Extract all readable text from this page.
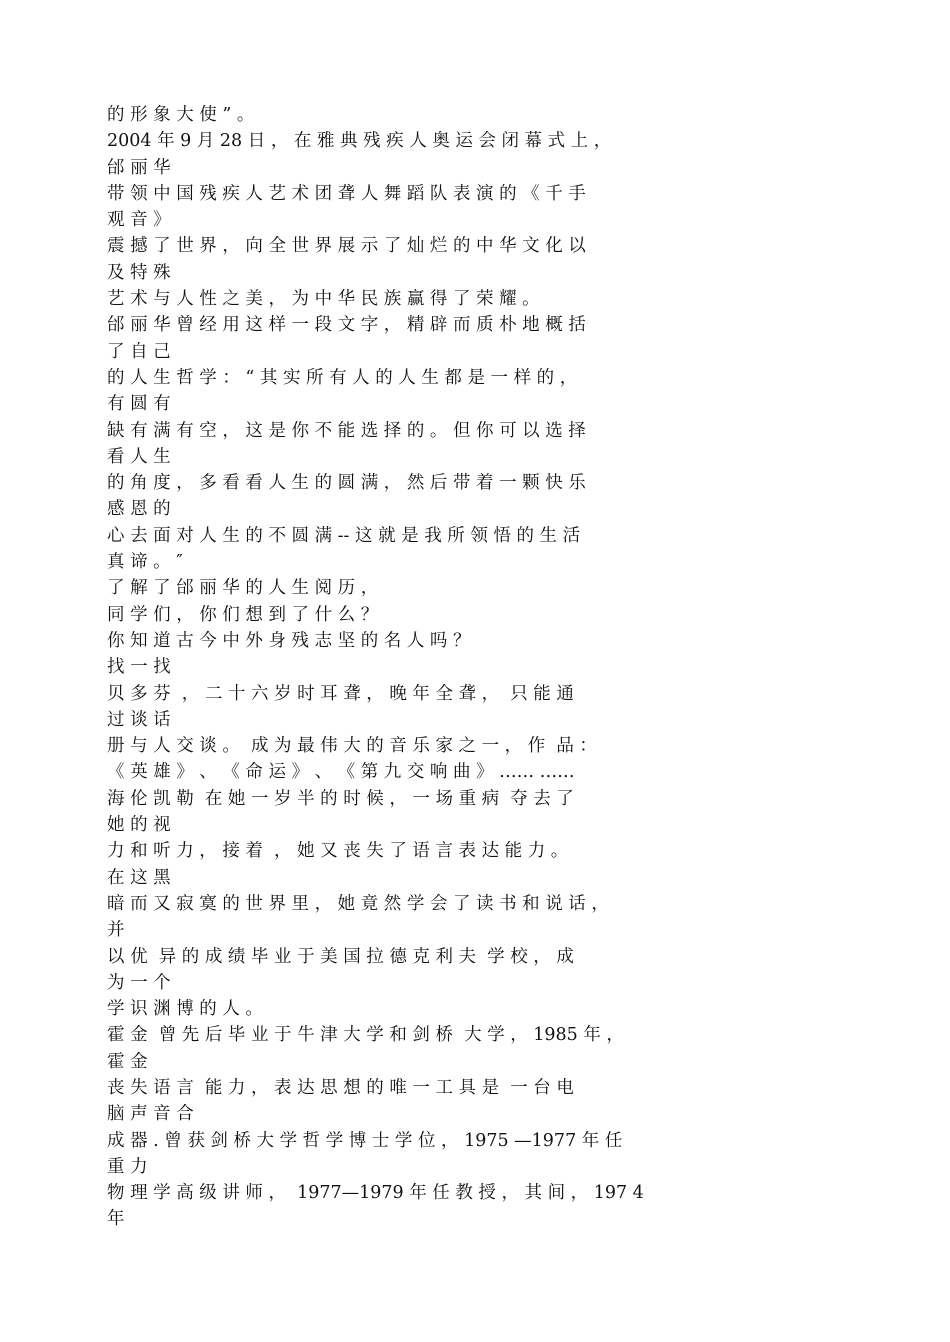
的 形 象 大 使 ” 。
2004 年 9 月 28 日 ， 在 雅 典 残 疾 人 奥 运 会 闭 幕 式 上 ，
邰 丽 华
带 领 中 国 残 疾 人 艺 术 团 聋 人 舞 蹈 队 表 演 的 《 千 手
观 音 》
震 撼 了 世 界 ， 向 全 世 界 展 示 了 灿 烂 的 中 华 文 化 以
及 特 殊
艺 术 与 人 性 之 美 ， 为 中 华 民 族 赢 得 了 荣 耀 。
邰 丽 华 曾 经 用 这 样 一 段 文 字 ， 精 辟 而 质 朴 地 概 括
了 自 己
的 人 生 哲 学 ： “ 其 实 所 有 人 的 人 生 都 是 一 样 的 ，
有 圆 有
缺 有 满 有 空 ， 这 是 你 不 能 选 择 的 。 但 你 可 以 选 择
看 人 生
的 角 度 ， 多 看 看 人 生 的 圆 满 ， 然 后 带 着 一 颗 快 乐
感 恩 的
心 去 面 对 人 生 的 不 圆 满 -- 这 就 是 我 所 领 悟 的 生 活
真 谛 。 ″
了 解 了 邰 丽 华 的 人 生 阅 历 ，
同 学 们 ， 你 们 想 到 了 什 么 ？
你 知 道 古 今 中 外 身 残 志 坚 的 名 人 吗 ？
找 一 找
贝 多 芬  ， 二 十 六 岁 时 耳 聋 ， 晚 年 全 聋 ，  只 能 通
过 谈 话
册 与 人 交 谈 。  成 为 最 伟 大 的 音 乐 家 之 一 ， 作  品 ：
《 英 雄 》 、 《 命 运 》 、 《 第 九 交 响 曲 》 …… ……
海 伦 凯 勒  在 她 一 岁 半 的 时 候 ， 一 场 重 病  夺 去 了
她 的 视
力 和 听 力 ， 接 着  ， 她 又 丧 失 了 语 言 表 达 能 力 。
在 这 黑
暗 而 又 寂 寞 的 世 界 里 ， 她 竟 然 学 会 了 读 书 和 说 话 ，
并
以 优  异 的 成 绩 毕 业 于 美 国 拉 德 克 利 夫  学 校 ， 成
为 一 个
学 识 渊 博 的 人 。
霍 金  曾 先 后 毕 业 于 牛 津 大 学 和 剑 桥  大 学 ， 1985 年 ，
霍 金
丧 失 语 言  能 力 ， 表 达 思 想 的 唯 一 工 具 是  一 台 电
脑 声 音 合
成 器 . 曾 获 剑 桥 大 学 哲 学 博 士 学 位 ， 1975 —1977 年 任
重 力
物 理 学 高 级 讲 师 ，  1977—1979 年 任 教 授 ， 其 间 ， 197 4
年
